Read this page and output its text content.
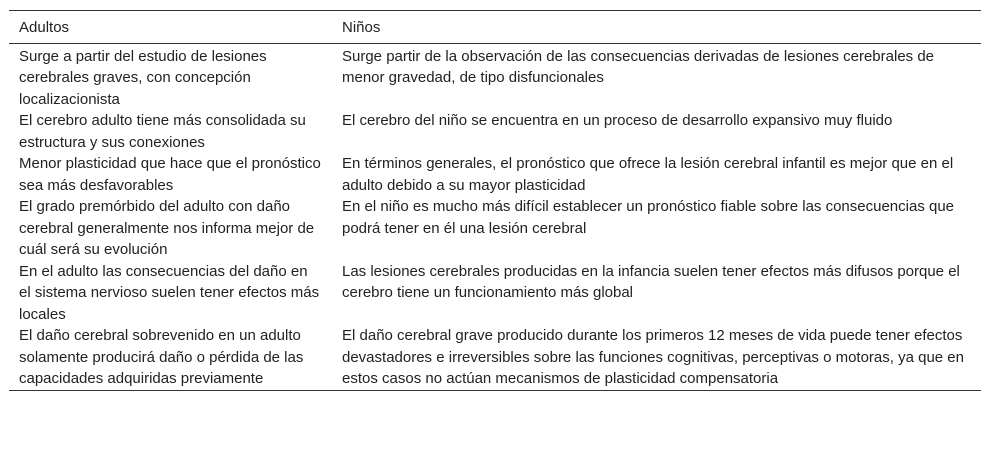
Adultos	Niños
Surge a partir del estudio de lesiones cerebrales graves, con concepción localizacionista	Surge partir de la observación de las consecuencias derivadas de lesiones cerebrales de menor gravedad, de tipo disfuncionales
El cerebro adulto tiene más consolidada su estructura y sus conexiones	El cerebro del niño se encuentra en un proceso de desarrollo expansivo muy fluido
Menor plasticidad que hace que el pronóstico sea más desfavorables	En términos generales, el pronóstico que ofrece la lesión cerebral infantil es mejor que en el adulto debido a su mayor plasticidad
El grado premórbido del adulto con daño cerebral generalmente nos informa mejor de cuál será su evolución	En el niño es mucho más difícil establecer un pronóstico fiable sobre las consecuencias que podrá tener en él una lesión cerebral
En el adulto las consecuencias del daño en el sistema nervioso suelen tener efectos más locales	Las lesiones cerebrales producidas en la infancia suelen tener efectos más difusos porque el cerebro tiene un funcionamiento más global
El daño cerebral sobrevenido en un adulto solamente producirá daño o pérdida de las capacidades adquiridas previamente	El daño cerebral grave producido durante los primeros 12 meses de vida puede tener efectos devastadores e irreversibles sobre las funciones cognitivas, perceptivas o motoras, ya que en estos casos no actúan mecanismos de plasticidad compensatoria
